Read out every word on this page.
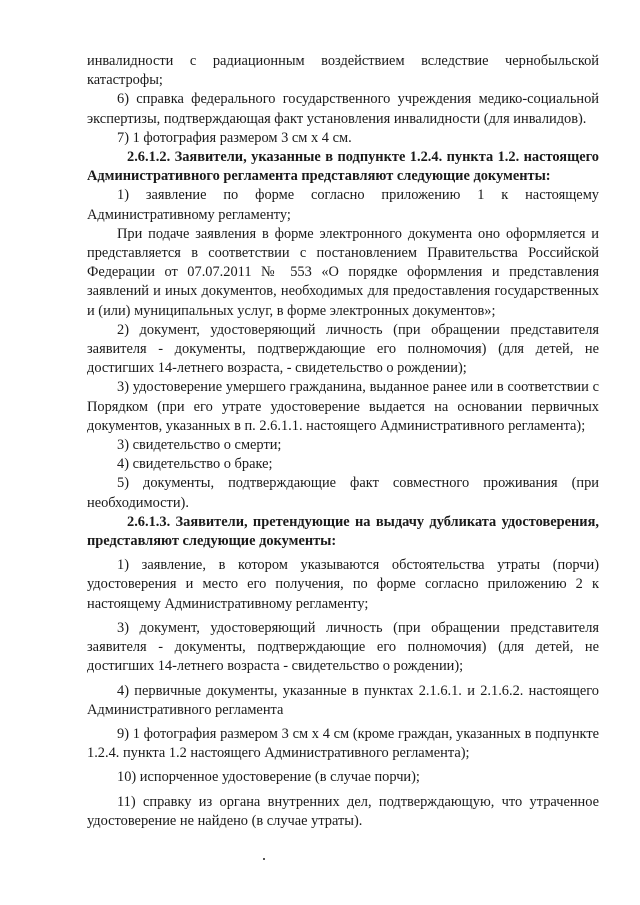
инвалидности с радиационным воздействием вследствие чернобыльской катастрофы;

6) справка федерального государственного учреждения медико-социальной экспертизы, подтверждающая факт установления инвалидности (для инвалидов).

7) 1 фотография размером 3 см х 4 см.

2.6.1.2. Заявители, указанные в подпункте 1.2.4. пункта 1.2. настоящего Административного регламента представляют следующие документы:

1) заявление по форме согласно приложению 1 к настоящему Административному регламенту;

При подаче заявления в форме электронного документа оно оформляется и представляется в соответствии с постановлением Правительства Российской Федерации от 07.07.2011 № 553 «О порядке оформления и представления заявлений и иных документов, необходимых для предоставления государственных и (или) муниципальных услуг, в форме электронных документов»;

2) документ, удостоверяющий личность (при обращении представителя заявителя - документы, подтверждающие его полномочия) (для детей, не достигших 14-летнего возраста, - свидетельство о рождении);

3) удостоверение умершего гражданина, выданное ранее или в соответствии с Порядком (при его утрате удостоверение выдается на основании первичных документов, указанных в п. 2.6.1.1. настоящего Административного регламента);

3) свидетельство о смерти;

4) свидетельство о браке;

5) документы, подтверждающие факт совместного проживания (при необходимости).

2.6.1.3. Заявители, претендующие на выдачу дубликата удостоверения, представляют следующие документы:

1) заявление, в котором указываются обстоятельства утраты (порчи) удостоверения и место его получения, по форме согласно приложению 2 к настоящему Административному регламенту;

3) документ, удостоверяющий личность (при обращении представителя заявителя - документы, подтверждающие его полномочия) (для детей, не достигших 14-летнего возраста - свидетельство о рождении);

4) первичные документы, указанные в пунктах 2.1.6.1. и 2.1.6.2. настоящего Административного регламента

9) 1 фотография размером 3 см х 4 см (кроме граждан, указанных в подпункте 1.2.4. пункта 1.2 настоящего Административного регламента);

10) испорченное удостоверение (в случае порчи);

11) справку из органа внутренних дел, подтверждающую, что утраченное удостоверение не найдено (в случае утраты).
